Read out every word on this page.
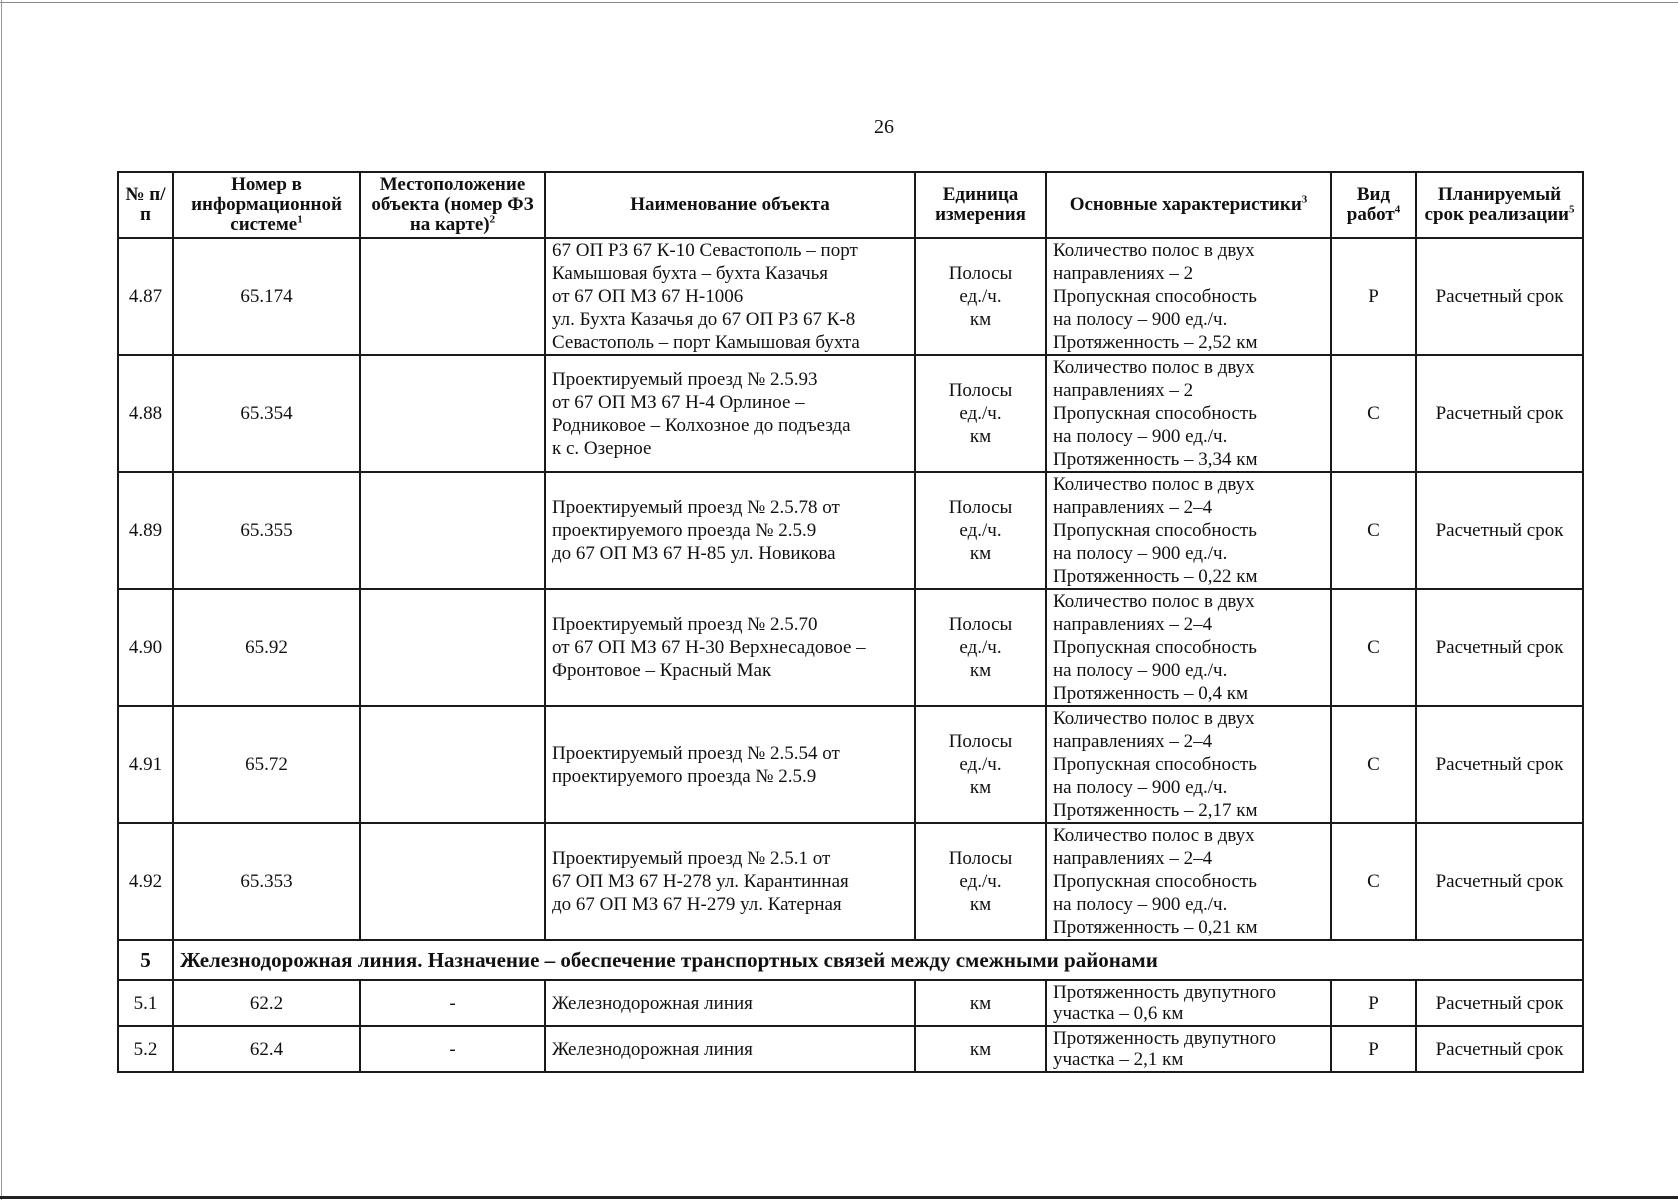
26
№ п/п	Номер в информационной системе$^1$	Местоположение объекта (номер ФЗ на карте)$^2$	Наименование объекта	Единица измерения	Основные характеристики$^3$	Вид работ$^4$	Планируемый срок реализации$^5$
4.87	65.174		67 ОП РЗ 67 К-10 Севастополь – порт
Камышовая бухта – бухта Казачья
от 67 ОП МЗ 67 Н-1006
ул. Бухта Казачья до 67 ОП РЗ 67 К-8
Севастополь – порт Камышовая бухта	Полосы
ед./ч.
км	Количество полос в двух
направлениях – 2
Пропускная способность
на полосу – 900 ед./ч.
Протяженность – 2,52 км	Р	Расчетный срок
4.88	65.354		Проектируемый проезд № 2.5.93
от 67 ОП МЗ 67 Н-4 Орлиное –
Родниковое – Колхозное до подъезда
к с. Озерное	Полосы
ед./ч.
км	Количество полос в двух
направлениях – 2
Пропускная способность
на полосу – 900 ед./ч.
Протяженность – 3,34 км	С	Расчетный срок
4.89	65.355		Проектируемый проезд № 2.5.78 от
проектируемого проезда № 2.5.9
до 67 ОП МЗ 67 Н-85 ул. Новикова	Полосы
ед./ч.
км	Количество полос в двух
направлениях – 2–4
Пропускная способность
на полосу – 900 ед./ч.
Протяженность – 0,22 км	С	Расчетный срок
4.90	65.92		Проектируемый проезд № 2.5.70
от 67 ОП МЗ 67 Н-30 Верхнесадовое –
Фронтовое – Красный Мак	Полосы
ед./ч.
км	Количество полос в двух
направлениях – 2–4
Пропускная способность
на полосу – 900 ед./ч.
Протяженность – 0,4 км	С	Расчетный срок
4.91	65.72		Проектируемый проезд № 2.5.54 от
проектируемого проезда № 2.5.9	Полосы
ед./ч.
км	Количество полос в двух
направлениях – 2–4
Пропускная способность
на полосу – 900 ед./ч.
Протяженность – 2,17 км	С	Расчетный срок
4.92	65.353		Проектируемый проезд № 2.5.1 от
67 ОП МЗ 67 Н-278 ул. Карантинная
до 67 ОП МЗ 67 Н-279 ул. Катерная	Полосы
ед./ч.
км	Количество полос в двух
направлениях – 2–4
Пропускная способность
на полосу – 900 ед./ч.
Протяженность – 0,21 км	С	Расчетный срок
5	Железнодорожная линия. Назначение – обеспечение транспортных связей между смежными районами						
5.1	62.2	-	Железнодорожная линия	км	Протяженность двупутного
участка – 0,6 км	Р	Расчетный срок
5.2	62.4	-	Железнодорожная линия	км	Протяженность двупутного
участка – 2,1 км	Р	Расчетный срок
